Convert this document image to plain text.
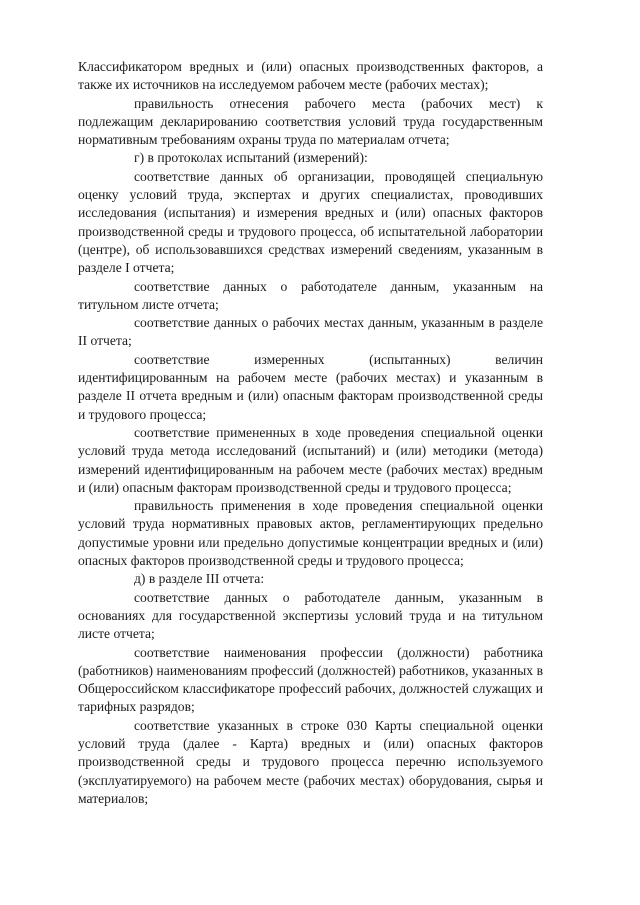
Классификатором вредных и (или) опасных производственных факторов, а также их источников на исследуемом рабочем месте (рабочих местах);

правильность отнесения рабочего места (рабочих мест) к подлежащим декларированию соответствия условий труда государственным нормативным требованиям охраны труда по материалам отчета;

г) в протоколах испытаний (измерений):

соответствие данных об организации, проводящей специальную оценку условий труда, экспертах и других специалистах, проводивших исследования (испытания) и измерения вредных и (или) опасных факторов производственной среды и трудового процесса, об испытательной лаборатории (центре), об использовавшихся средствах измерений сведениям, указанным в разделе I отчета;

соответствие данных о работодателе данным, указанным на титульном листе отчета;

соответствие данных о рабочих местах данным, указанным в разделе II отчета;

соответствие измеренных (испытанных) величин идентифицированным на рабочем месте (рабочих местах) и указанным в разделе II отчета вредным и (или) опасным факторам производственной среды и трудового процесса;

соответствие примененных в ходе проведения специальной оценки условий труда метода исследований (испытаний) и (или) методики (метода) измерений идентифицированным на рабочем месте (рабочих местах) вредным и (или) опасным факторам производственной среды и трудового процесса;

правильность применения в ходе проведения специальной оценки условий труда нормативных правовых актов, регламентирующих предельно допустимые уровни или предельно допустимые концентрации вредных и (или) опасных факторов производственной среды и трудового процесса;

д) в разделе III отчета:

соответствие данных о работодателе данным, указанным в основаниях для государственной экспертизы условий труда и на титульном листе отчета;

соответствие наименования профессии (должности) работника (работников) наименованиям профессий (должностей) работников, указанных в Общероссийском классификаторе профессий рабочих, должностей служащих и тарифных разрядов;

соответствие указанных в строке 030 Карты специальной оценки условий труда (далее - Карта) вредных и (или) опасных факторов производственной среды и трудового процесса перечню используемого (эксплуатируемого) на рабочем месте (рабочих местах) оборудования, сырья и материалов;
